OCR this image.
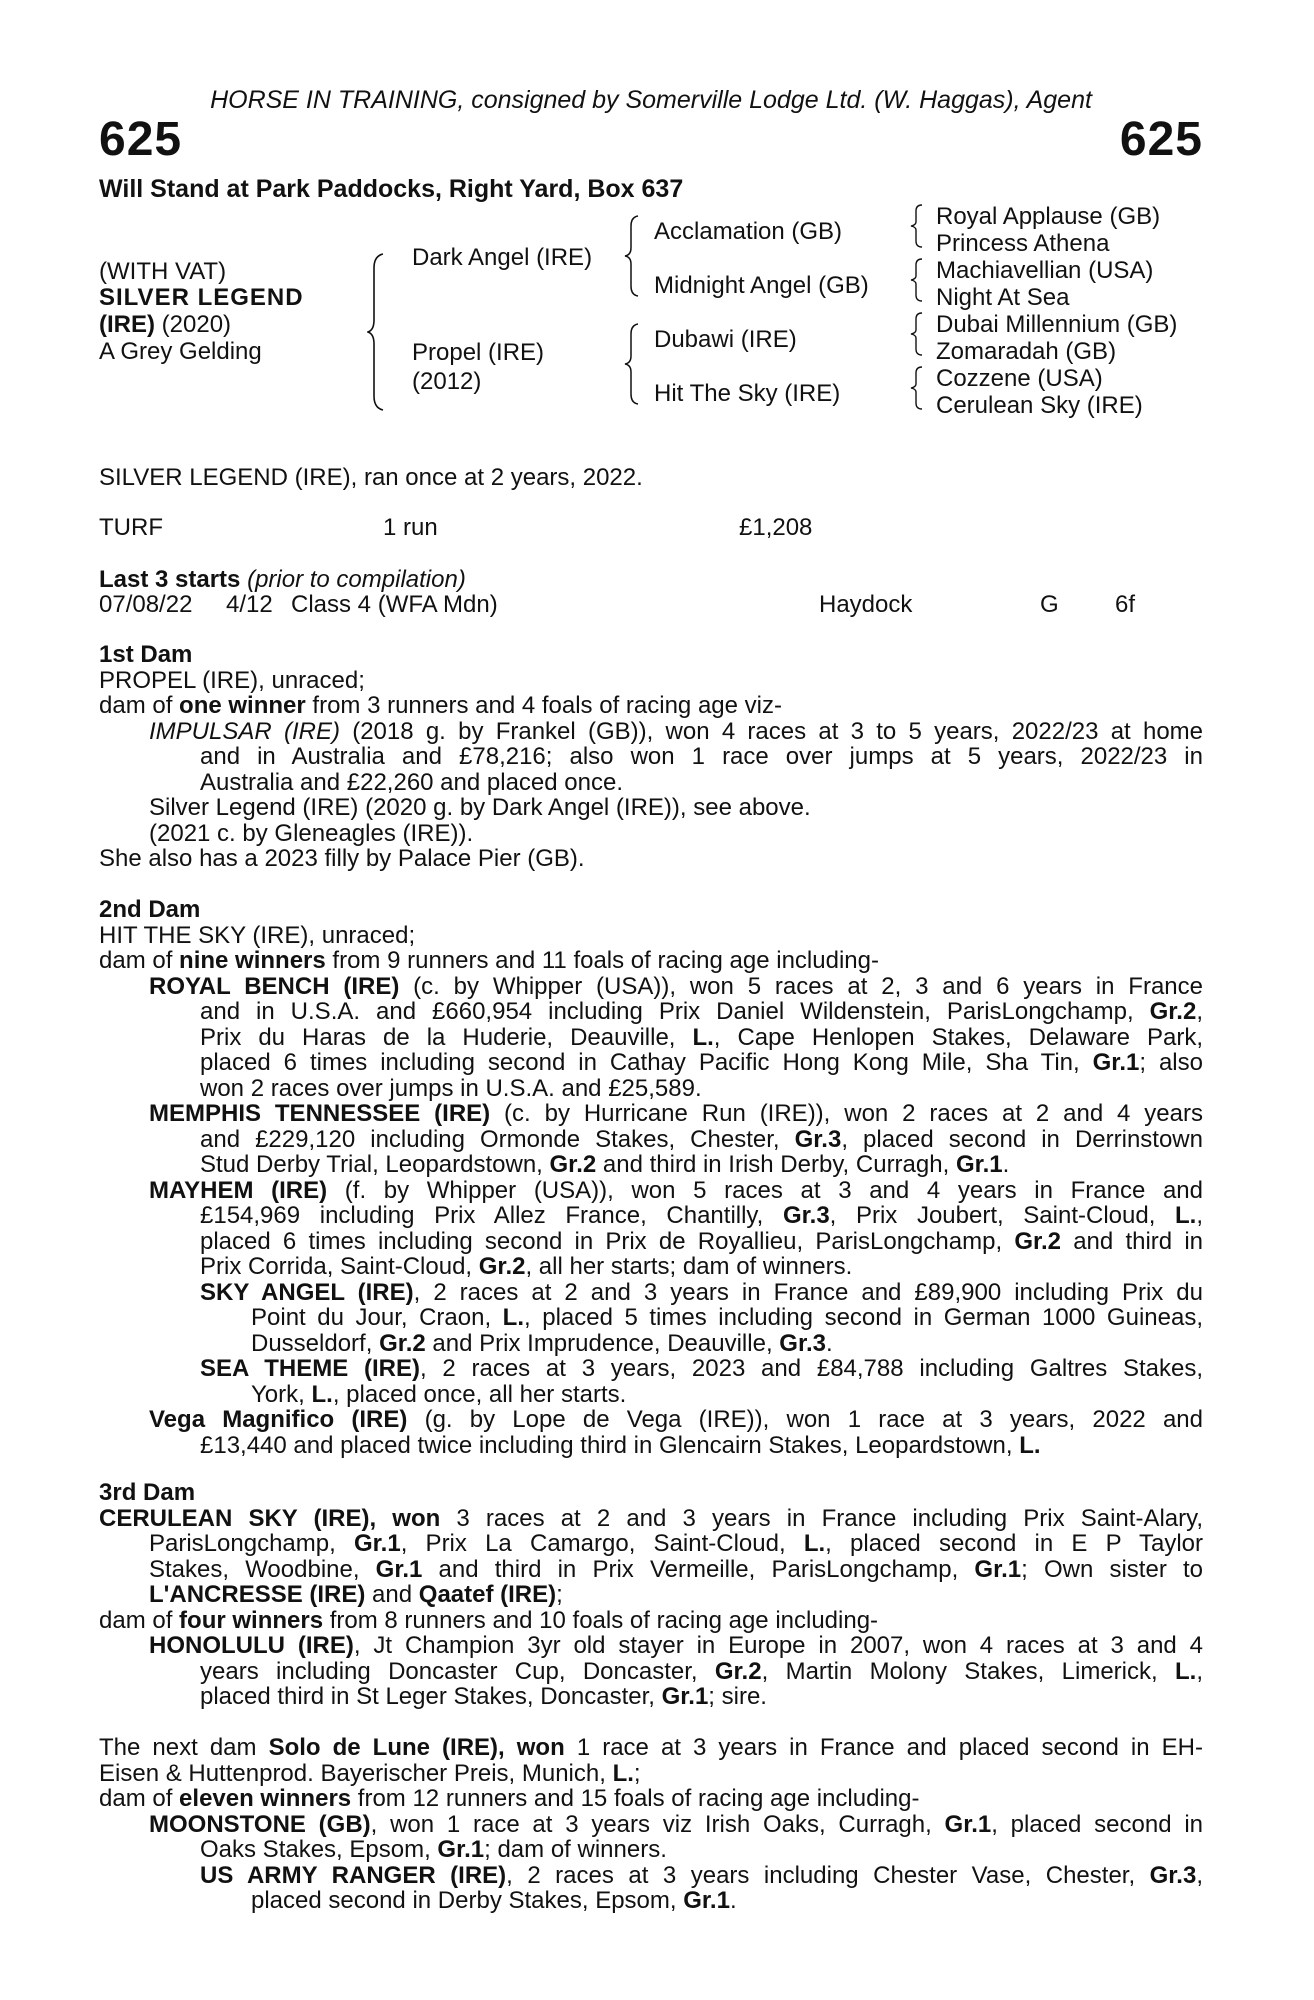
HORSE IN TRAINING, consigned by Somerville Lodge Ltd. (W. Haggas), Agent
625	625
Will Stand at Park Paddocks, Right Yard, Box 637
(WITH VAT)
SILVER LEGEND
(IRE) (2020)
A Grey Gelding
Dark Angel (IRE)
Propel (IRE)
(2012)
Acclamation (GB)
Midnight Angel (GB)
Dubawi (IRE)
Hit The Sky (IRE)
Royal Applause (GB)
Princess Athena
Machiavellian (USA)
Night At Sea
Dubai Millennium (GB)
Zomaradah (GB)
Cozzene (USA)
Cerulean Sky (IRE)
SILVER LEGEND (IRE), ran once at 2 years, 2022.
TURF	1 run	£1,208
Last 3 starts (prior to compilation)
07/08/22 4/12 Class 4 (WFA Mdn)	Haydock	G 6f
1st Dam
PROPEL (IRE), unraced;
dam of one winner from 3 runners and 4 foals of racing age viz-
IMPULSAR (IRE) (2018 g. by Frankel (GB)), won 4 races at 3 to 5 years, 2022/23 at home
and in Australia and £78,216; also won 1 race over jumps at 5 years, 2022/23 in
Australia and £22,260 and placed once.
Silver Legend (IRE) (2020 g. by Dark Angel (IRE)), see above.
(2021 c. by Gleneagles (IRE)).
She also has a 2023 filly by Palace Pier (GB).
2nd Dam
HIT THE SKY (IRE), unraced;
dam of nine winners from 9 runners and 11 foals of racing age including-
ROYAL BENCH (IRE) (c. by Whipper (USA)), won 5 races at 2, 3 and 6 years in France
and in U.S.A. and £660,954 including Prix Daniel Wildenstein, ParisLongchamp, Gr.2,
Prix du Haras de la Huderie, Deauville, L., Cape Henlopen Stakes, Delaware Park,
placed 6 times including second in Cathay Pacific Hong Kong Mile, Sha Tin, Gr.1; also
won 2 races over jumps in U.S.A. and £25,589.
MEMPHIS TENNESSEE (IRE) (c. by Hurricane Run (IRE)), won 2 races at 2 and 4 years
and £229,120 including Ormonde Stakes, Chester, Gr.3, placed second in Derrinstown
Stud Derby Trial, Leopardstown, Gr.2 and third in Irish Derby, Curragh, Gr.1.
MAYHEM (IRE) (f. by Whipper (USA)), won 5 races at 3 and 4 years in France and
£154,969 including Prix Allez France, Chantilly, Gr.3, Prix Joubert, Saint-Cloud, L.,
placed 6 times including second in Prix de Royallieu, ParisLongchamp, Gr.2 and third in
Prix Corrida, Saint-Cloud, Gr.2, all her starts; dam of winners.
SKY ANGEL (IRE), 2 races at 2 and 3 years in France and £89,900 including Prix du
Point du Jour, Craon, L., placed 5 times including second in German 1000 Guineas,
Dusseldorf, Gr.2 and Prix Imprudence, Deauville, Gr.3.
SEA THEME (IRE), 2 races at 3 years, 2023 and £84,788 including Galtres Stakes,
York, L., placed once, all her starts.
Vega Magnifico (IRE) (g. by Lope de Vega (IRE)), won 1 race at 3 years, 2022 and
£13,440 and placed twice including third in Glencairn Stakes, Leopardstown, L.
3rd Dam
CERULEAN SKY (IRE), won 3 races at 2 and 3 years in France including Prix Saint-Alary,
ParisLongchamp, Gr.1, Prix La Camargo, Saint-Cloud, L., placed second in E P Taylor
Stakes, Woodbine, Gr.1 and third in Prix Vermeille, ParisLongchamp, Gr.1; Own sister to
L'ANCRESSE (IRE) and Qaatef (IRE);
dam of four winners from 8 runners and 10 foals of racing age including-
HONOLULU (IRE), Jt Champion 3yr old stayer in Europe in 2007, won 4 races at 3 and 4
years including Doncaster Cup, Doncaster, Gr.2, Martin Molony Stakes, Limerick, L.,
placed third in St Leger Stakes, Doncaster, Gr.1; sire.
The next dam Solo de Lune (IRE), won 1 race at 3 years in France and placed second in EH-
Eisen & Huttenprod. Bayerischer Preis, Munich, L.;
dam of eleven winners from 12 runners and 15 foals of racing age including-
MOONSTONE (GB), won 1 race at 3 years viz Irish Oaks, Curragh, Gr.1, placed second in
Oaks Stakes, Epsom, Gr.1; dam of winners.
US ARMY RANGER (IRE), 2 races at 3 years including Chester Vase, Chester, Gr.3,
placed second in Derby Stakes, Epsom, Gr.1.
